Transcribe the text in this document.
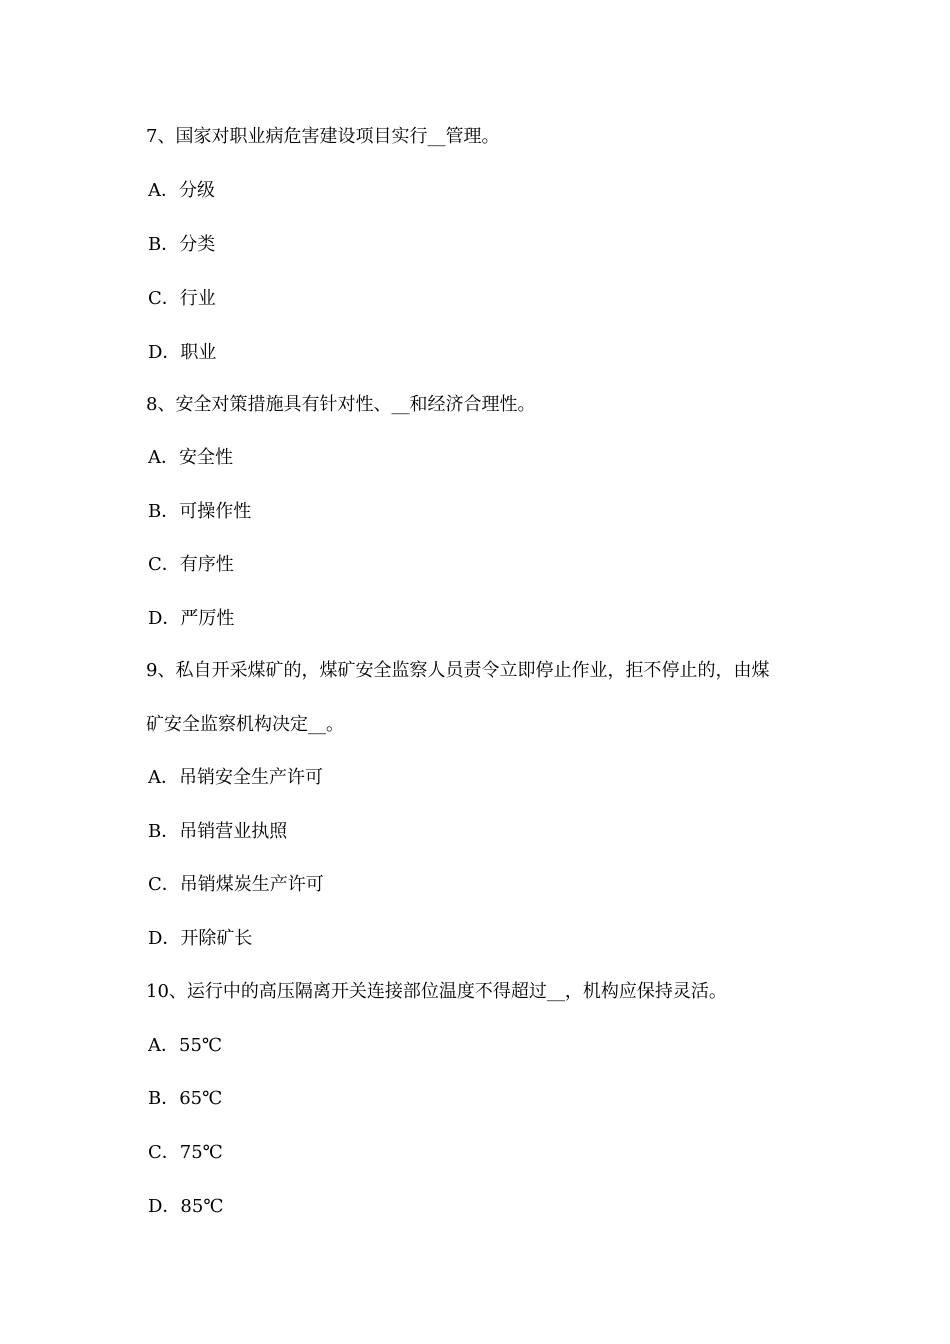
7、国家对职业病危害建设项目实行__管理。
A．分级
B．分类
C．行业
D．职业
8、安全对策措施具有针对性、__和经济合理性。
A．安全性
B．可操作性
C．有序性
D．严厉性
9、私自开采煤矿的，煤矿安全监察人员责令立即停止作业，拒不停止的，由煤
矿安全监察机构决定__。
A．吊销安全生产许可
B．吊销营业执照
C．吊销煤炭生产许可
D．开除矿长
10、运行中的高压隔离开关连接部位温度不得超过__，机构应保持灵活。
A．55℃
B．65℃
C．75℃
D．85℃
